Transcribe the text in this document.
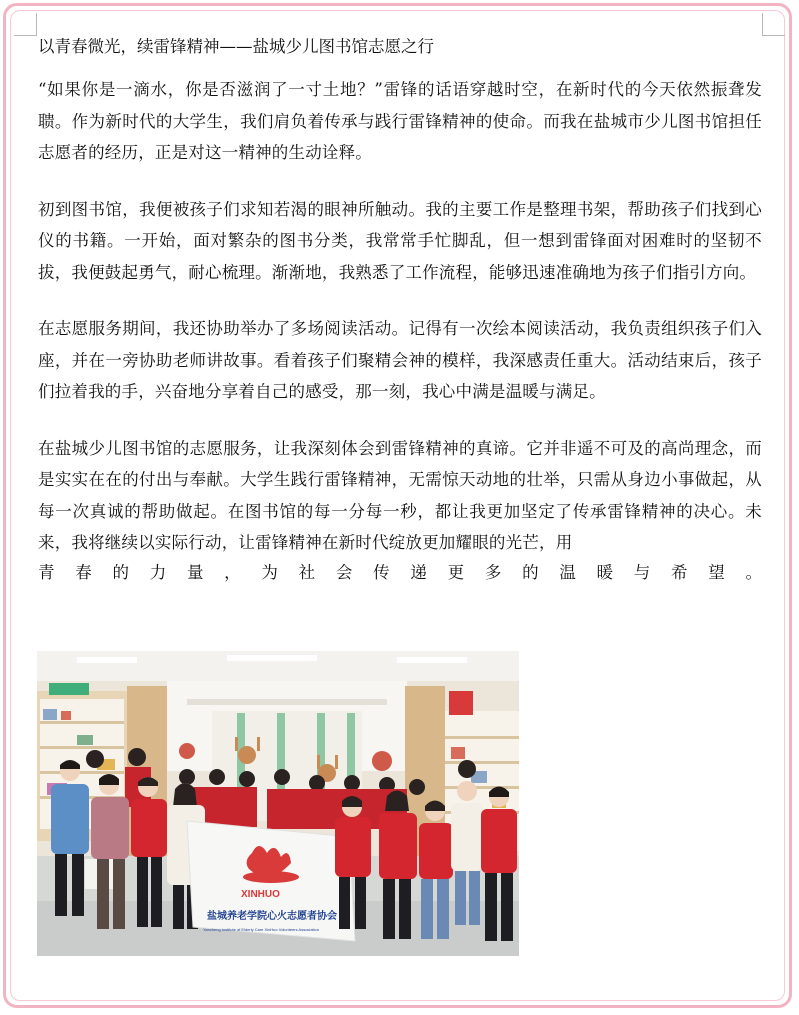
以青春微光，续雷锋精神——盐城少儿图书馆志愿之行

“如果你是一滴水，你是否滋润了一寸土地？”雷锋的话语穿越时空，在新时代的今天依然振聋发聩。作为新时代的大学生，我们肩负着传承与践行雷锋精神的使命。而我在盐城市少儿图书馆担任志愿者的经历，正是对这一精神的生动诠释。

初到图书馆，我便被孩子们求知若渴的眼神所触动。我的主要工作是整理书架，帮助孩子们找到心仪的书籍。一开始，面对繁杂的图书分类，我常常手忙脚乱，但一想到雷锋面对困难时的坚韧不拔，我便鼓起勇气，耐心梳理。渐渐地，我熟悉了工作流程，能够迅速准确地为孩子们指引方向。

在志愿服务期间，我还协助举办了多场阅读活动。记得有一次绘本阅读活动，我负责组织孩子们入座，并在一旁协助老师讲故事。看着孩子们聚精会神的模样，我深感责任重大。活动结束后，孩子们拉着我的手，兴奋地分享着自己的感受，那一刻，我心中满是温暖与满足。

在盐城少儿图书馆的志愿服务，让我深刻体会到雷锋精神的真谛。它并非遥不可及的高尚理念，而是实实在在的付出与奉献。大学生践行雷锋精神，无需惊天动地的壮举，只需从身边小事做起，从每一次真诚的帮助做起。在图书馆的每一分每一秒，都让我更加坚定了传承雷锋精神的决心。未来，我将继续以实际行动，让雷锋精神在新时代绽放更加耀眼的光芒，用

青春的力量，为社会传递更多的温暖与希望。
XINHUO
盐城养老学院心火志愿者协会
Yancheng Institute of Elderly Care XinHuo Volunteers Association
